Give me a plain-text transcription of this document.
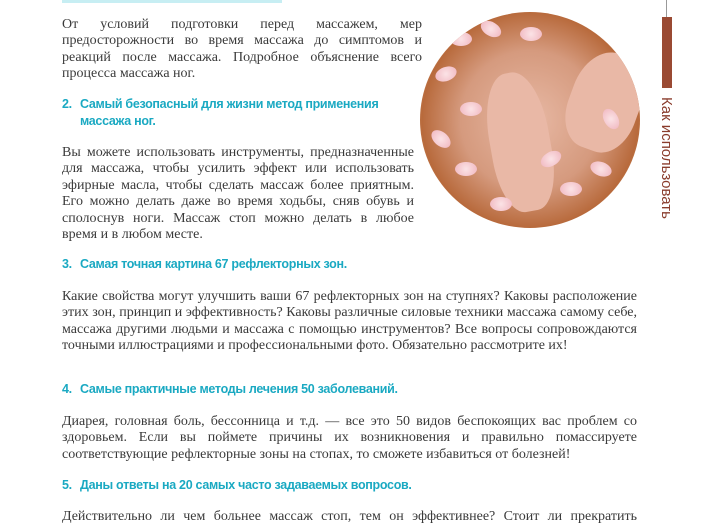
От условий подготовки перед массажем, мер предосторожности во время массажа до симптомов и реакций после массажа. Подробное объяснение всего процесса массажа ног.

2. Самый безопасный для жизни метод применения массажа ног.

Вы можете использовать инструменты, предназначенные для массажа, чтобы усилить эффект или использовать эфирные масла, чтобы сделать массаж более приятным. Его можно делать даже во время ходьбы, сняв обувь и сполоснув ноги. Массаж стоп можно делать в любое время и в любом месте.

3. Самая точная картина 67 рефлекторных зон.

Какие свойства могут улучшить ваши 67 рефлекторных зон на ступнях? Каковы расположение этих зон, принцип и эффективность? Каковы различные силовые техники массажа самому себе, массажа другими людьми и массажа с помощью инструментов? Все вопросы сопровождаются точными иллюстрациями и профессиональными фото. Обязательно рассмотрите их!

4. Самые практичные методы лечения 50 заболеваний.

Диарея, головная боль, бессонница и т.д. — все это 50 видов беспокоящих вас проблем со здоровьем. Если вы поймете причины их возникновения и правильно помассируете соответствующие рефлекторные зоны на стопах, то сможете избавиться от болезней!

5. Даны ответы на 20 самых часто задаваемых вопросов.

Действительно ли чем больнее массаж стоп, тем он эффективнее? Стоит ли прекратить

Как использовать
